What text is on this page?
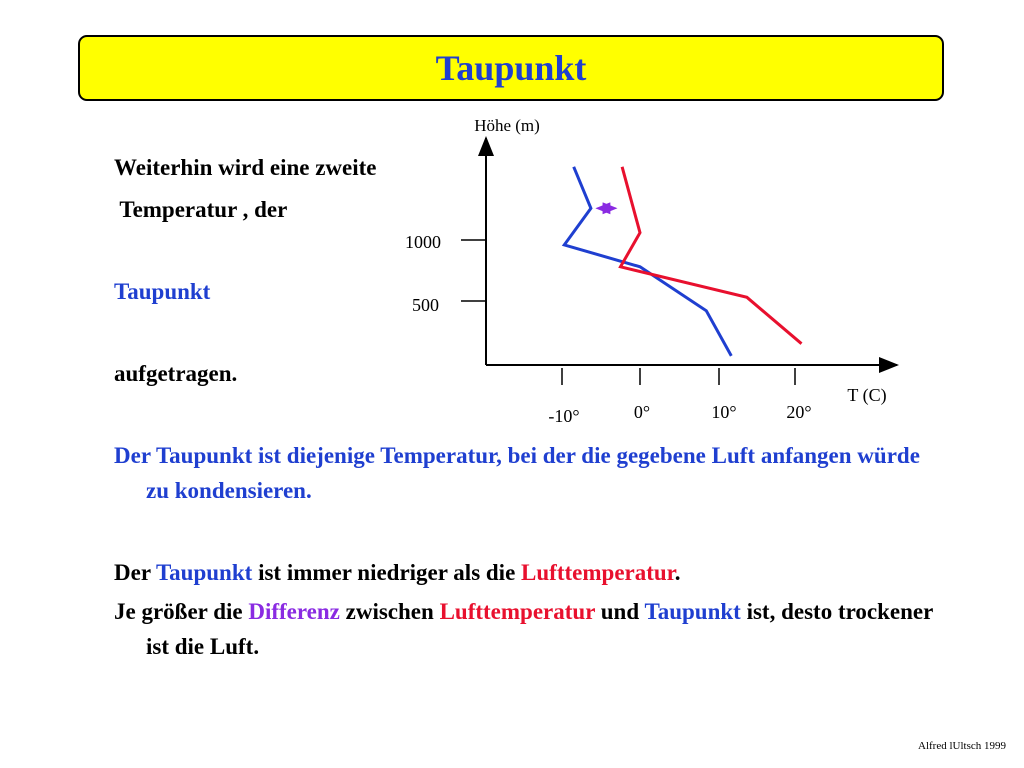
Taupunkt
Weiterhin wird eine zweite
Temperatur , der
Taupunkt
aufgetragen.
Höhe (m)
T (C)
500
1000
-10°	0°	10°	20°
Der Taupunkt ist diejenige Temperatur, bei der die gegebene Luft anfangen würde zu kondensieren.
Der Taupunkt ist immer niedriger als die Lufttemperatur.
Je größer die Differenz zwischen Lufttemperatur und Taupunkt ist, desto trockener ist die Luft.
Alfred lUltsch 1999
